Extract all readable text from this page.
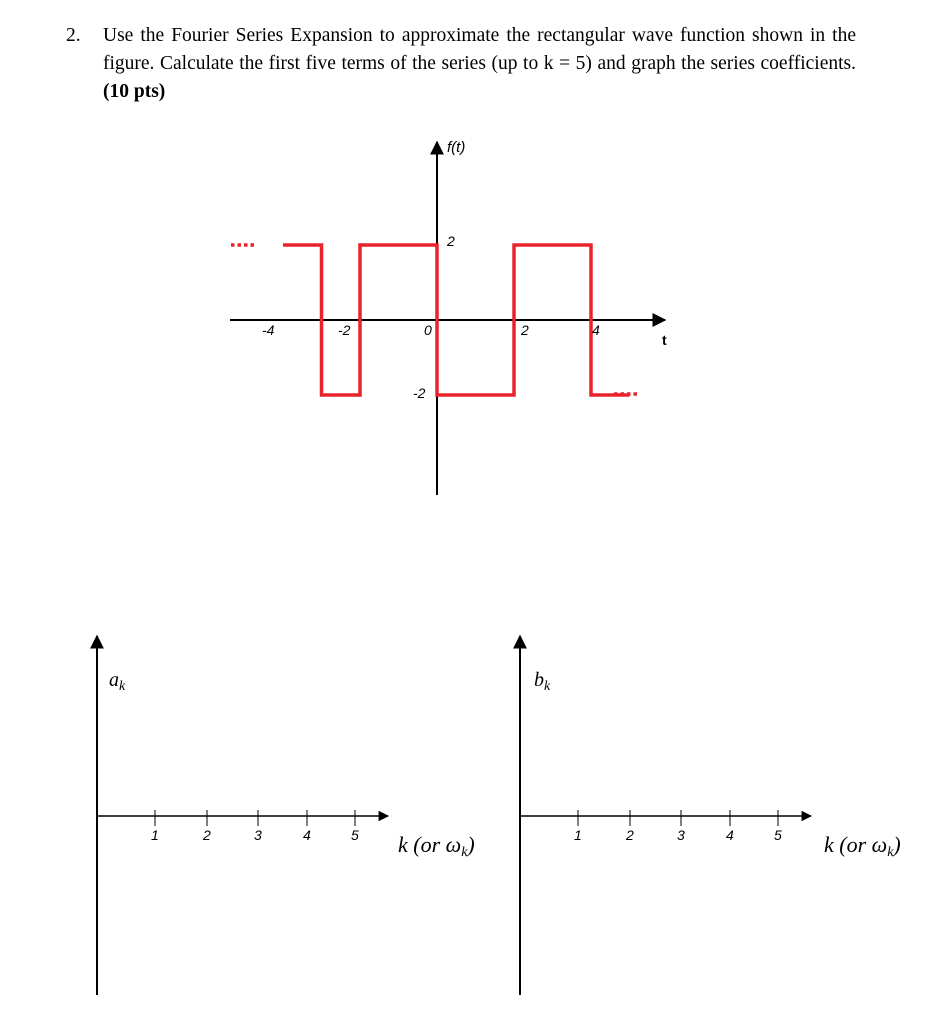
2. Use the Fourier Series Expansion to approximate the rectangular wave function shown in the figure. Calculate the first five terms of the series (up to k = 5) and graph the series coefficients. (10 pts)
f(t)
t
-4	-2	0	2	4
2
-2
1	2	3	4	5
$a_k$
k (or ωk)	1	2	3	4	5
$b_k$
k (or ωk)
